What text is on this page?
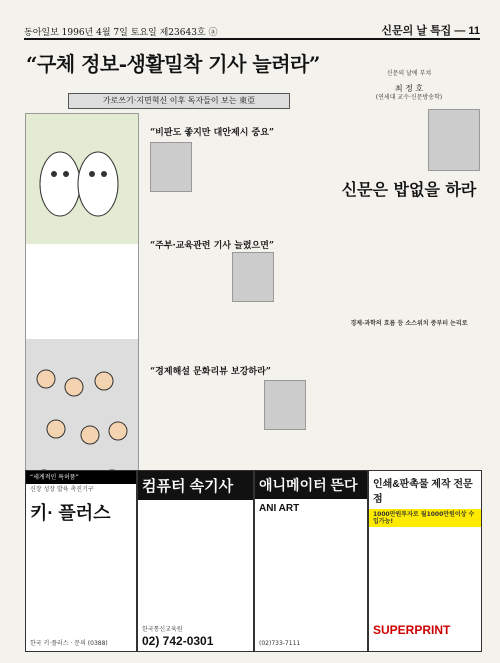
동아일보 1996년 4월 7일 토요일 제23643호 ⓐ	신문의 날 특집 — 11
“구체 정보-생활밀착 기사 늘려라”
가로쓰기·지면혁신 이후 독자들이 보는 東亞
“비판도 좋지만 대안제시 중요”
“주부·교육관련 기사 늘렸으면”
“경제해설 문화리뷰 보강하라”
신문의 날에 부쳐
최 정 호
(연세대 교수·신문방송학)
신문은 밥없을 하라
경제·과학의 흐름 등 소스위치 중부터 논리로
“세계적인 특허품”
신장 성장 발육 촉진기구
키· 플러스
한국 키·플러스 · 문의 (0388)
컴퓨터 속기사
한국통신교육원
02) 742-0301
애니메이터 뜬다
ANI ART
(02)733-7111
인쇄&판촉물 제작 전문점
1000만원투자로 월1000만원이상 수입가능!
SUPERPRINT
